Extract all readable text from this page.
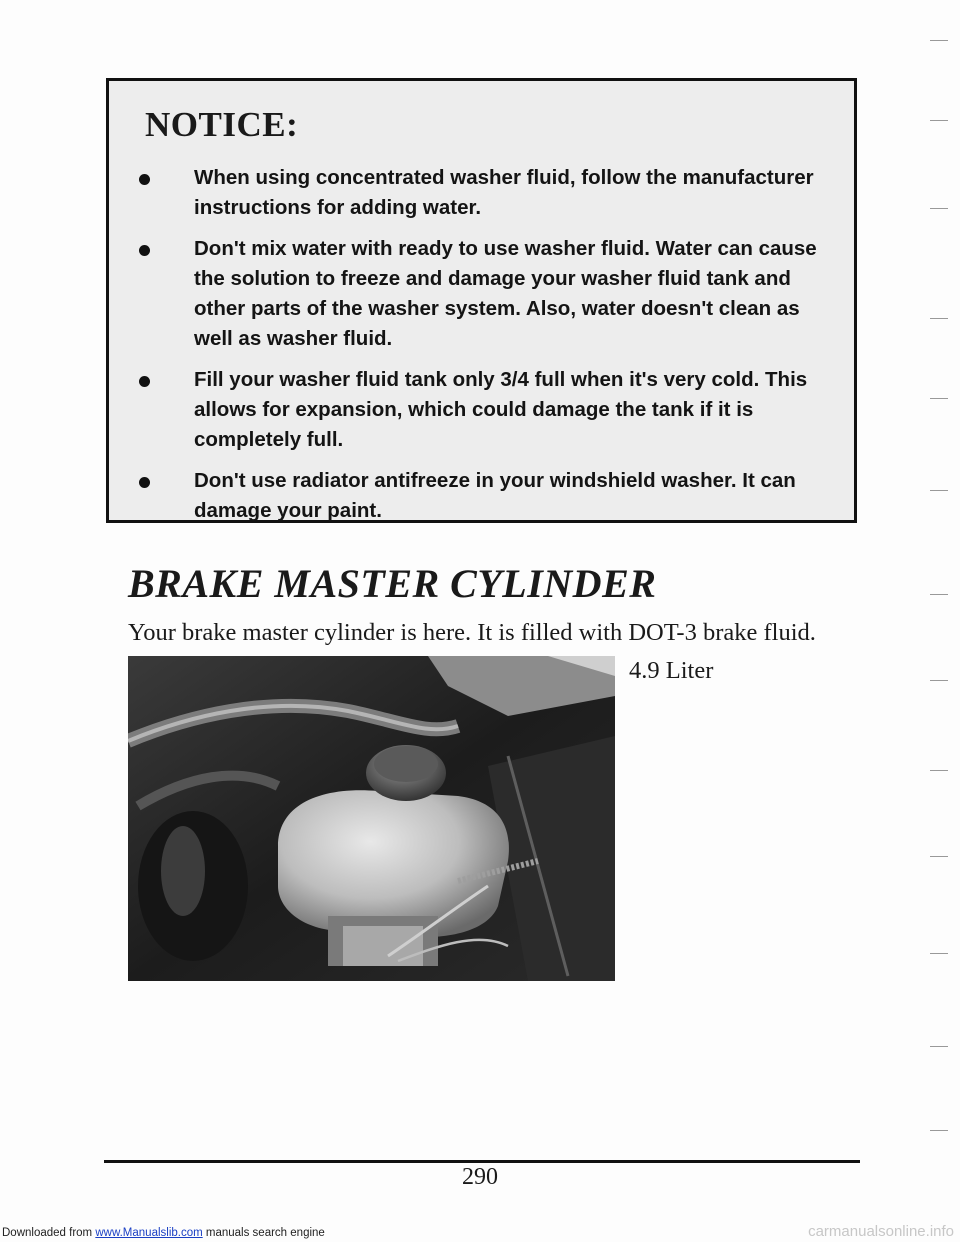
NOTICE:
When using concentrated washer fluid, follow the manufacturer instructions for adding water.
Don't mix water with ready to use washer fluid. Water can cause the solution to freeze and damage your washer fluid tank and other parts of the washer system. Also, water doesn't clean as well as washer fluid.
Fill your washer fluid tank only 3/4 full when it's very cold. This allows for expansion, which could damage the tank if it is completely full.
Don't use radiator antifreeze in your windshield washer. It can damage your paint.
BRAKE MASTER CYLINDER

Your brake master cylinder is here. It is filled with DOT-3 brake fluid.

4.9 Liter

290
Downloaded from www.Manualslib.com manuals search engine	carmanualsonline.info
